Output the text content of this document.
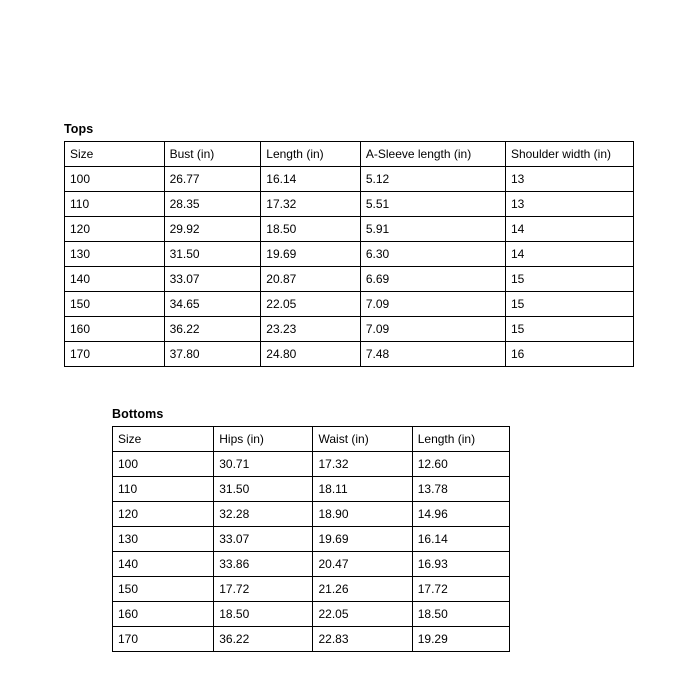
Tops
Size	Bust (in)	Length (in)	A-Sleeve length (in)	Shoulder width (in)
100	26.77	16.14	5.12	13
110	28.35	17.32	5.51	13
120	29.92	18.50	5.91	14
130	31.50	19.69	6.30	14
140	33.07	20.87	6.69	15
150	34.65	22.05	7.09	15
160	36.22	23.23	7.09	15
170	37.80	24.80	7.48	16
Bottoms
Size	Hips (in)	Waist (in)	Length (in)
100	30.71	17.32	12.60
110	31.50	18.11	13.78
120	32.28	18.90	14.96
130	33.07	19.69	16.14
140	33.86	20.47	16.93
150	17.72	21.26	17.72
160	18.50	22.05	18.50
170	36.22	22.83	19.29
